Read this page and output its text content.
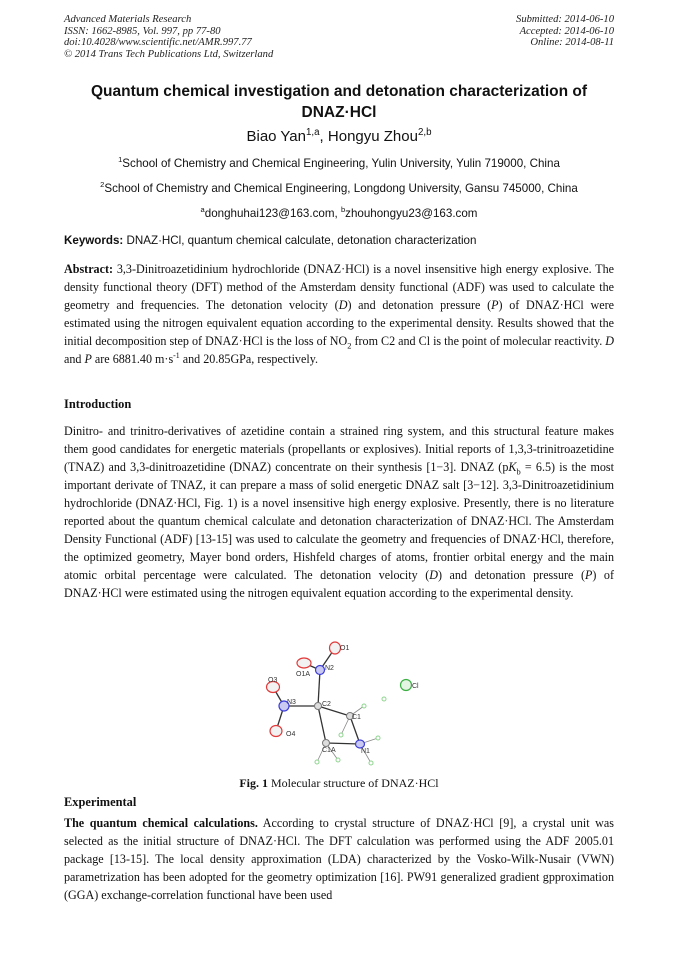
Advanced Materials Research
ISSN: 1662-8985, Vol. 997, pp 77-80
doi:10.4028/www.scientific.net/AMR.997.77
© 2014 Trans Tech Publications Ltd, Switzerland
Submitted: 2014-06-10
Accepted: 2014-06-10
Online: 2014-08-11
Quantum chemical investigation and detonation characterization of
DNAZ·HCl
Biao Yan$^{1,a}$, Hongyu Zhou$^{2,b}$
$^1$School of Chemistry and Chemical Engineering, Yulin University, Yulin 719000, China
$^2$School of Chemistry and Chemical Engineering, Longdong University, Gansu 745000, China
$^a$donghuhai123@163.com, $^b$zhouhongyu23@163.com
Keywords: DNAZ·HCl, quantum chemical calculate, detonation characterization
Abstract: 3,3-Dinitroazetidinium hydrochloride (DNAZ·HCl) is a novel insensitive high energy explosive. The density functional theory (DFT) method of the Amsterdam density functional (ADF) was used to calculate the geometry and frequencies. The detonation velocity (D) and detonation pressure (P) of DNAZ·HCl were estimated using the nitrogen equivalent equation according to the experimental density. Results showed that the initial decomposition step of DNAZ·HCl is the loss of $NO_2$ from C2 and Cl is the point of molecular reactivity. D and P are 6881.40 $m\cdot s^{-1}$ and 20.85GPa, respectively.
Introduction
Dinitro- and trinitro-derivatives of azetidine contain a strained ring system, and this structural feature makes them good candidates for energetic materials (propellants or explosives). Initial reports of 1,3,3-trinitroazetidine (TNAZ) and 3,3-dinitroazetidine (DNAZ) concentrate on their synthesis [1−3]. DNAZ $(pK_b = 6.5)$ is the most important derivate of TNAZ, it can prepare a mass of solid energetic DNAZ salt [3−12]. 3,3-Dinitroazetidinium hydrochloride (DNAZ·HCl, Fig. 1) is a novel insensitive high energy explosive. Presently, there is no literature reported about the quantum chemical calculate and detonation characterization of DNAZ·HCl. The Amsterdam Density Functional (ADF) [13-15] was used to calculate the geometry and frequencies of DNAZ·HCl, therefore, the optimized geometry, Mayer bond orders, Hishfeld charges of atoms, frontier orbital energy and the main atomic orbital percentage were calculated. The detonation velocity (D) and detonation pressure (P) of DNAZ·HCl were estimated using the nitrogen equivalent equation according to the experimental density.
O1
O1A
N2
O3
N3	C2
O4
C1
C1A	N1
Cl
Fig. 1 Molecular structure of DNAZ·HCl
Experimental
The quantum chemical calculations. According to crystal structure of DNAZ·HCl [9], a crystal unit was selected as the initial structure of DNAZ·HCl. The DFT calculation was performed using the ADF 2005.01 package [13-15]. The local density approximation (LDA) characterized by the Vosko-Wilk-Nusair (VWN) parametrization has been adopted for the geometry optimization [16]. PW91 generalized gradient gpproximation (GGA) exchange-correlation functional have been used
